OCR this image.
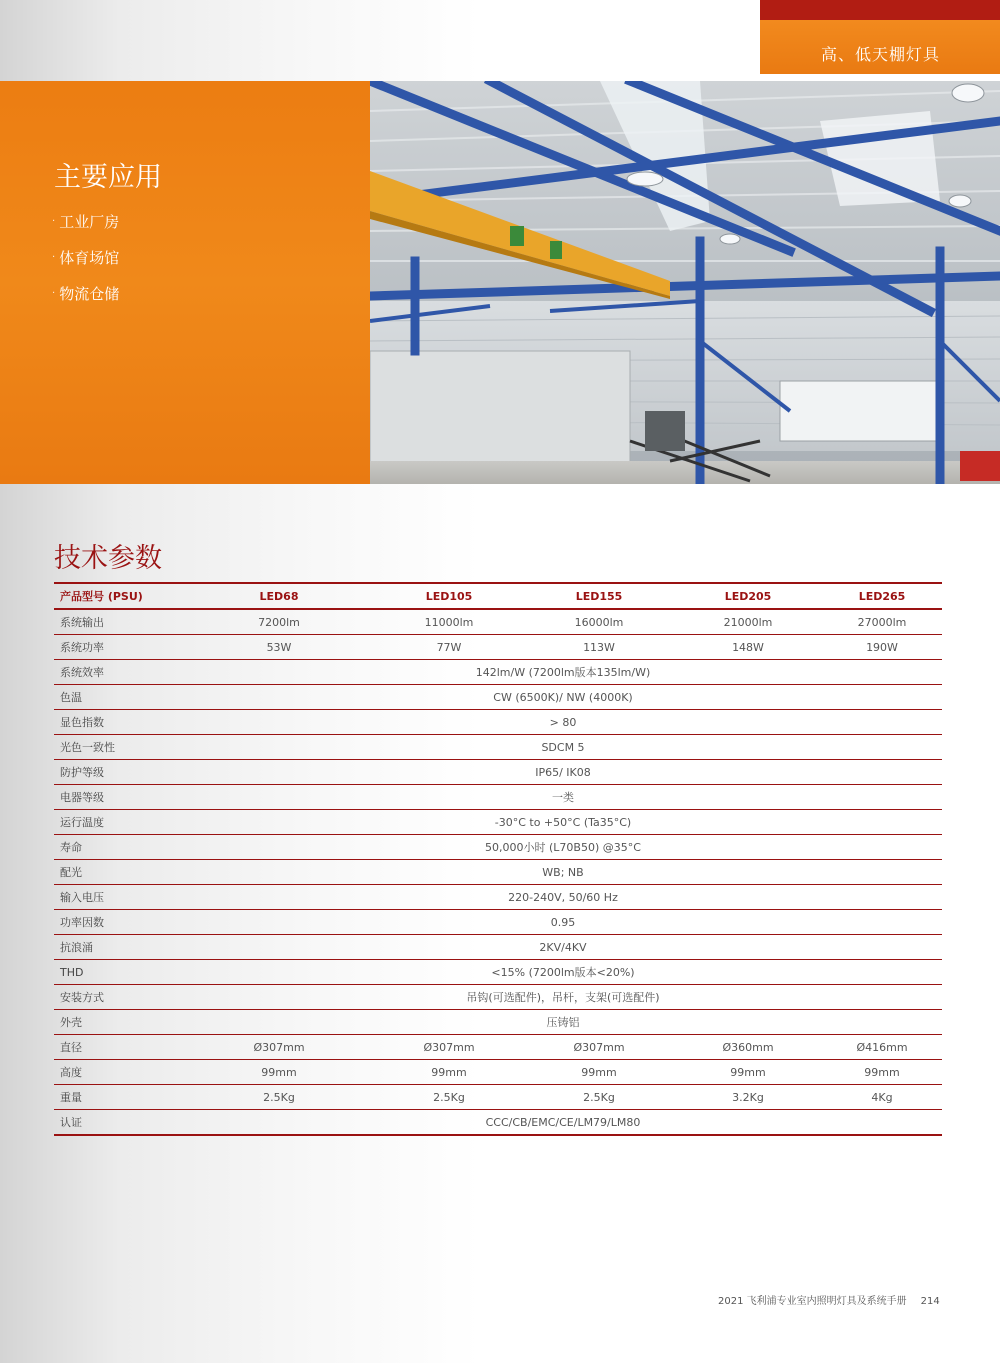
高、低天棚灯具
主要应用
· 工业厂房
· 体育场馆
· 物流仓储
技术参数
产品型号 (PSU)	LED68	LED105	LED155	LED205	LED265
系统输出	7200lm	11000lm	16000lm	21000lm	27000lm
系统功率	53W	77W	113W	148W	190W
系统效率	142lm/W (7200lm版本135lm/W)				
色温	CW (6500K)/ NW (4000K)				
显色指数	> 80				
光色一致性	SDCM 5				
防护等级	IP65/ IK08				
电器等级	一类				
运行温度	-30°C to +50°C (Ta35°C)				
寿命	50,000小时 (L70B50) @35°C				
配光	WB; NB				
输入电压	220-240V, 50/60 Hz				
功率因数	0.95				
抗浪涌	2KV/4KV				
THD	<15% (7200lm版本<20%)				
安装方式	吊钩(可选配件)，吊杆，支架(可选配件)				
外壳	压铸铝				
直径	Ø307mm	Ø307mm	Ø307mm	Ø360mm	Ø416mm
高度	99mm	99mm	99mm	99mm	99mm
重量	2.5Kg	2.5Kg	2.5Kg	3.2Kg	4Kg
认证	CCC/CB/EMC/CE/LM79/LM80				
2021 飞利浦专业室内照明灯具及系统手册 214
